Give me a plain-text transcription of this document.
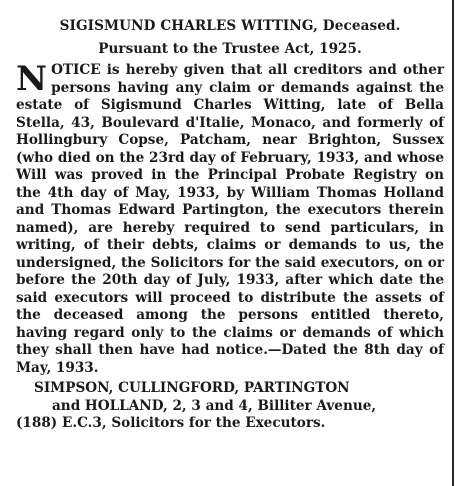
SIGISMUND CHARLES WITTING, Deceased.
Pursuant to the Trustee Act, 1925.

NOTICE is hereby given that all creditors and other persons having any claim or demands against the estate of Sigismund Charles Witting, late of Bella Stella, 43, Boulevard d'Italie, Monaco, and formerly of Hollingbury Copse, Patcham, near Brighton, Sussex (who died on the 23rd day of February, 1933, and whose Will was proved in the Principal Probate Registry on the 4th day of May, 1933, by William Thomas Holland and Thomas Edward Partington, the executors therein named), are hereby required to send particulars, in writing, of their debts, claims or demands to us, the undersigned, the Solicitors for the said executors, on or before the 20th day of July, 1933, after which date the said executors will proceed to distribute the assets of the deceased among the persons entitled thereto, having regard only to the claims or demands of which they shall then have had notice.—Dated the 8th day of May, 1933.

SIMPSON, CULLINGFORD, PARTINGTON
and HOLLAND, 2, 3 and 4, Billiter Avenue,
(188) E.C.3, Solicitors for the Executors.
